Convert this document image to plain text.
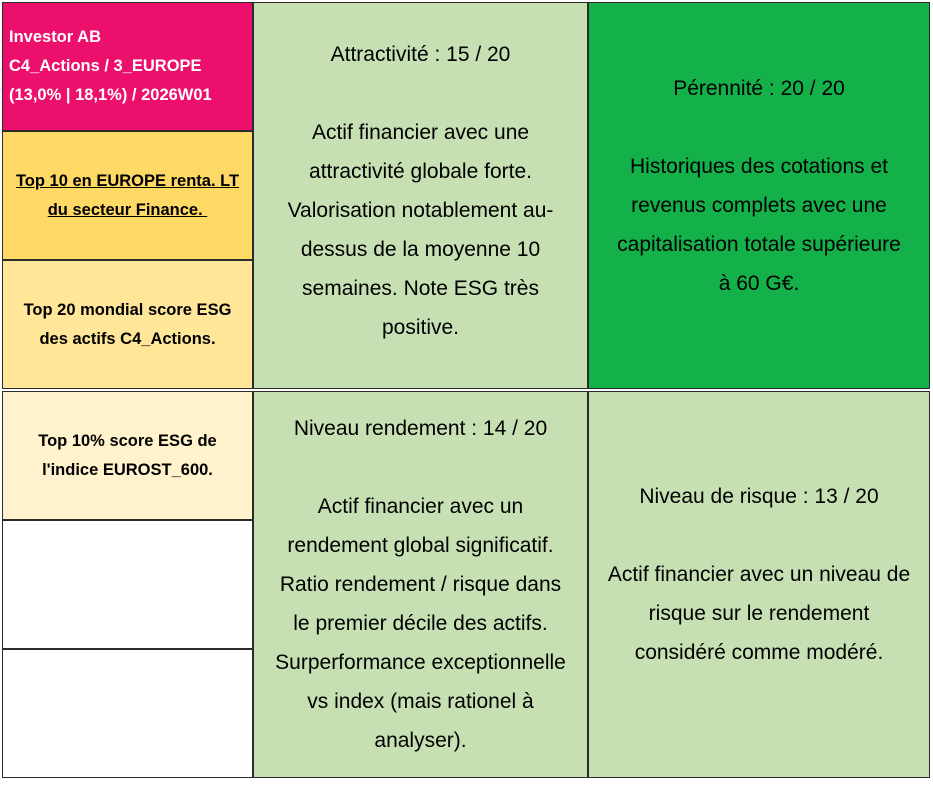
Investor AB
C4_Actions / 3_EUROPE
(13,0% | 18,1%) / 2026W01
Top 10 en EUROPE renta. LT
du secteur Finance.
Top 20 mondial score ESG
des actifs C4_Actions.
Top 10% score ESG de
l'indice EUROST_600.
Attractivité : 15 / 20
Actif financier avec une
attractivité globale forte.
Valorisation notablement au-
dessus de la moyenne 10
semaines. Note ESG très
positive.
Pérennité : 20 / 20
Historiques des cotations et
revenus complets avec une
capitalisation totale supérieure
à 60 G€.
Niveau rendement : 14 / 20
Actif financier avec un
rendement global significatif.
Ratio rendement / risque dans
le premier décile des actifs.
Surperformance exceptionnelle
vs index (mais rationel à
analyser).
Niveau de risque : 13 / 20
Actif financier avec un niveau de
risque sur le rendement
considéré comme modéré.
